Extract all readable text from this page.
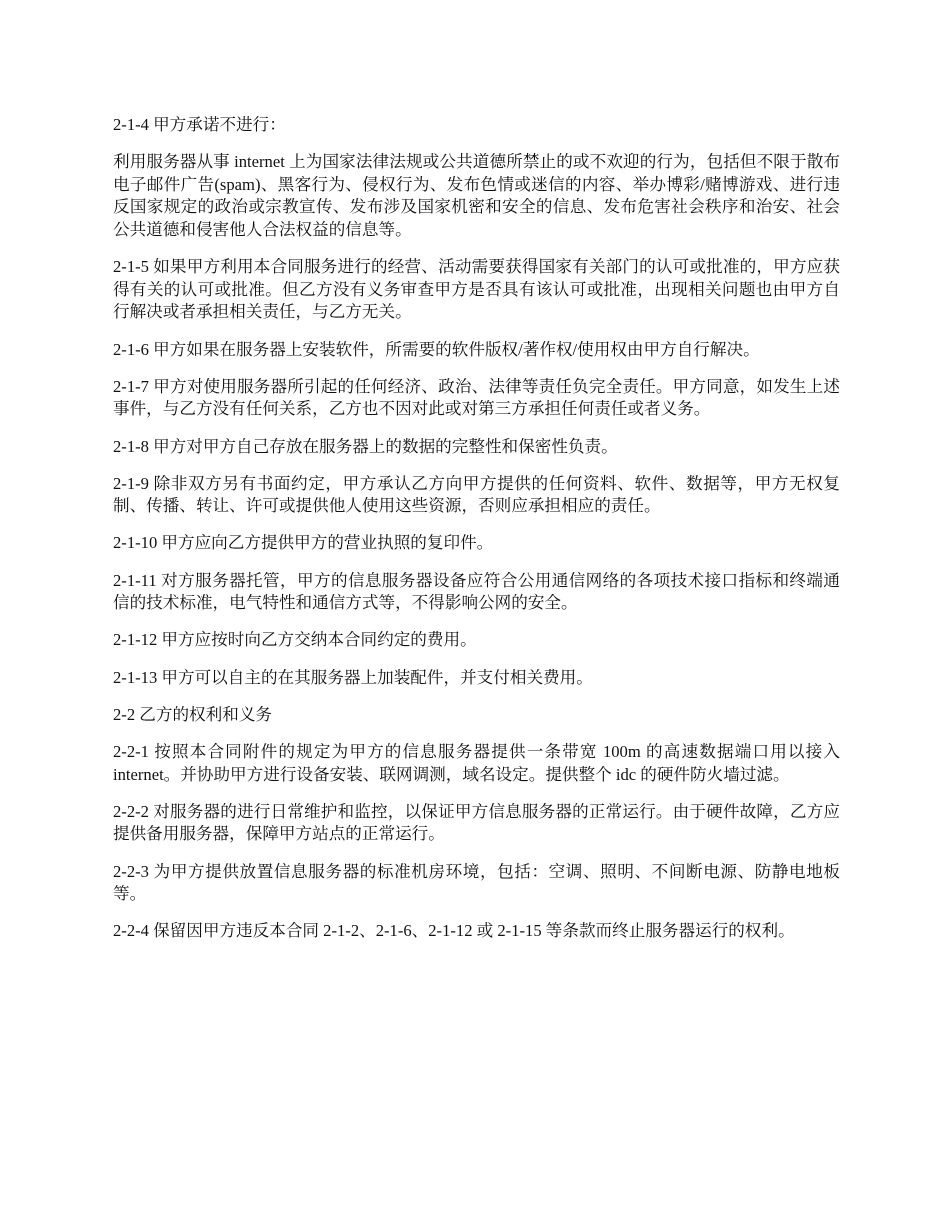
2-1-4 甲方承诺不进行：

利用服务器从事 internet 上为国家法律法规或公共道德所禁止的或不欢迎的行为，包括但不限于散布电子邮件广告(spam)、黑客行为、侵权行为、发布色情或迷信的内容、举办博彩/赌博游戏、进行违反国家规定的政治或宗教宣传、发布涉及国家机密和安全的信息、发布危害社会秩序和治安、社会公共道德和侵害他人合法权益的信息等。

2-1-5 如果甲方利用本合同服务进行的经营、活动需要获得国家有关部门的认可或批准的，甲方应获得有关的认可或批准。但乙方没有义务审查甲方是否具有该认可或批准，出现相关问题也由甲方自行解决或者承担相关责任，与乙方无关。

2-1-6 甲方如果在服务器上安装软件，所需要的软件版权/著作权/使用权由甲方自行解决。

2-1-7 甲方对使用服务器所引起的任何经济、政治、法律等责任负完全责任。甲方同意，如发生上述事件，与乙方没有任何关系，乙方也不因对此或对第三方承担任何责任或者义务。

2-1-8 甲方对甲方自己存放在服务器上的数据的完整性和保密性负责。

2-1-9 除非双方另有书面约定，甲方承认乙方向甲方提供的任何资料、软件、数据等，甲方无权复制、传播、转让、许可或提供他人使用这些资源，否则应承担相应的责任。

2-1-10 甲方应向乙方提供甲方的营业执照的复印件。

2-1-11 对方服务器托管，甲方的信息服务器设备应符合公用通信网络的各项技术接口指标和终端通信的技术标准，电气特性和通信方式等，不得影响公网的安全。

2-1-12 甲方应按时向乙方交纳本合同约定的费用。

2-1-13 甲方可以自主的在其服务器上加装配件，并支付相关费用。

2-2 乙方的权利和义务

2-2-1 按照本合同附件的规定为甲方的信息服务器提供一条带宽 100m 的高速数据端口用以接入 internet。并协助甲方进行设备安装、联网调测，域名设定。提供整个 idc 的硬件防火墙过滤。

2-2-2 对服务器的进行日常维护和监控，以保证甲方信息服务器的正常运行。由于硬件故障，乙方应提供备用服务器，保障甲方站点的正常运行。

2-2-3 为甲方提供放置信息服务器的标准机房环境，包括：空调、照明、不间断电源、防静电地板等。

2-2-4 保留因甲方违反本合同 2-1-2、2-1-6、2-1-12 或 2-1-15 等条款而终止服务器运行的权利。
